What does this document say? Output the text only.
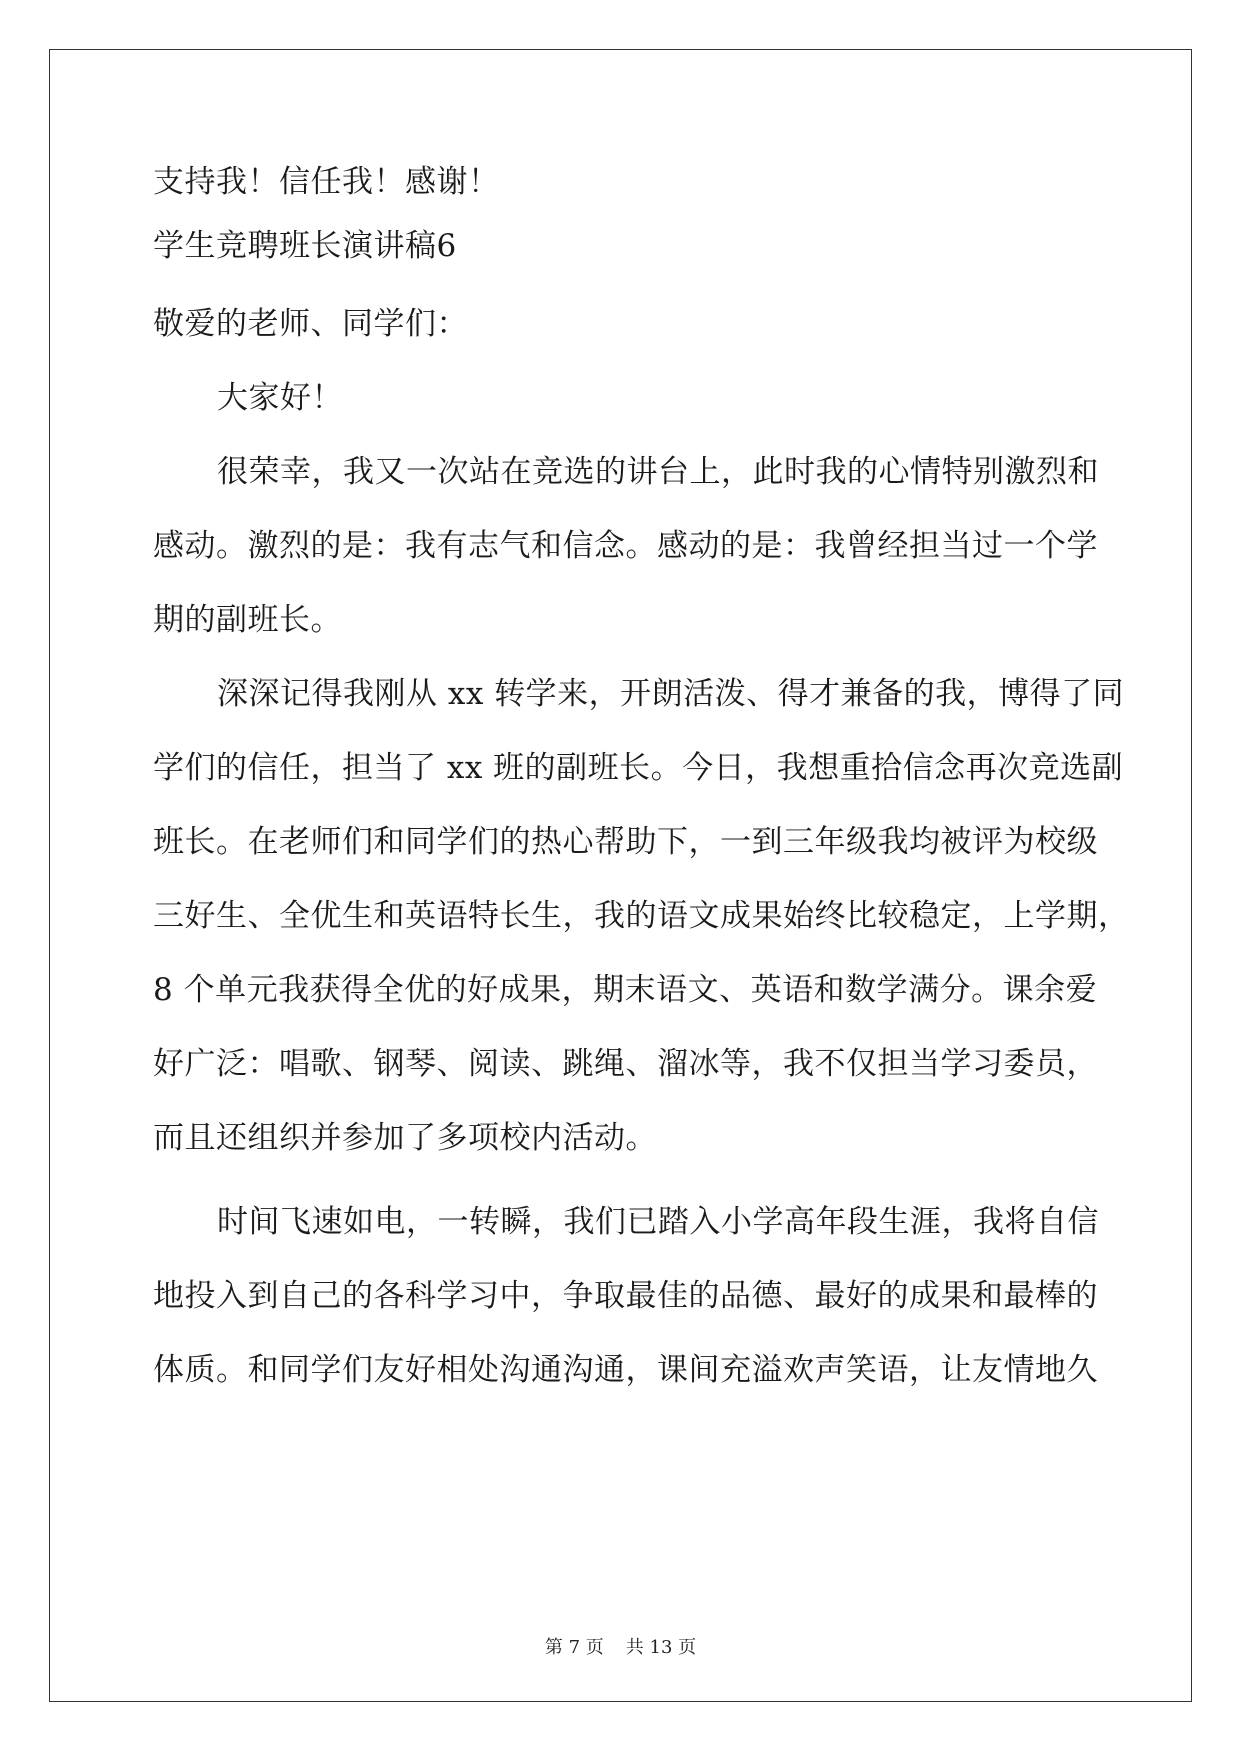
支持我！信任我！感谢！
学生竞聘班长演讲稿6
敬爱的老师、同学们：
大家好！
很荣幸，我又一次站在竞选的讲台上，此时我的心情特别激烈和
感动。激烈的是：我有志气和信念。感动的是：我曾经担当过一个学
期的副班长。
深深记得我刚从 xx 转学来，开朗活泼、得才兼备的我，博得了同
学们的信任，担当了 xx 班的副班长。今日，我想重拾信念再次竞选副
班长。在老师们和同学们的热心帮助下，一到三年级我均被评为校级
三好生、全优生和英语特长生，我的语文成果始终比较稳定，上学期，
8 个单元我获得全优的好成果，期末语文、英语和数学满分。课余爱
好广泛：唱歌、钢琴、阅读、跳绳、溜冰等，我不仅担当学习委员，
而且还组织并参加了多项校内活动。
时间飞速如电，一转瞬，我们已踏入小学高年段生涯，我将自信
地投入到自己的各科学习中，争取最佳的品德、最好的成果和最棒的
体质。和同学们友好相处沟通沟通，课间充溢欢声笑语，让友情地久
第 7 页 共 13 页
